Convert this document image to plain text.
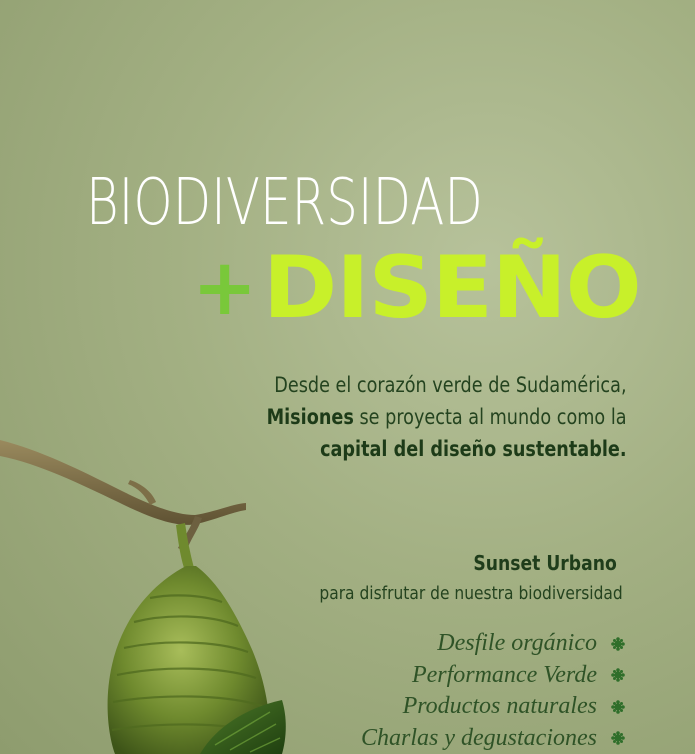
BIODIVERSIDAD
+ DISEÑO
Desde el corazón verde de Sudamérica,
Misiones se proyecta al mundo como la
capital del diseño sustentable.
Sunset Urbano
para disfrutar de nuestra biodiversidad
Desfile orgánico
Performance Verde
Productos naturales
Charlas y degustaciones
